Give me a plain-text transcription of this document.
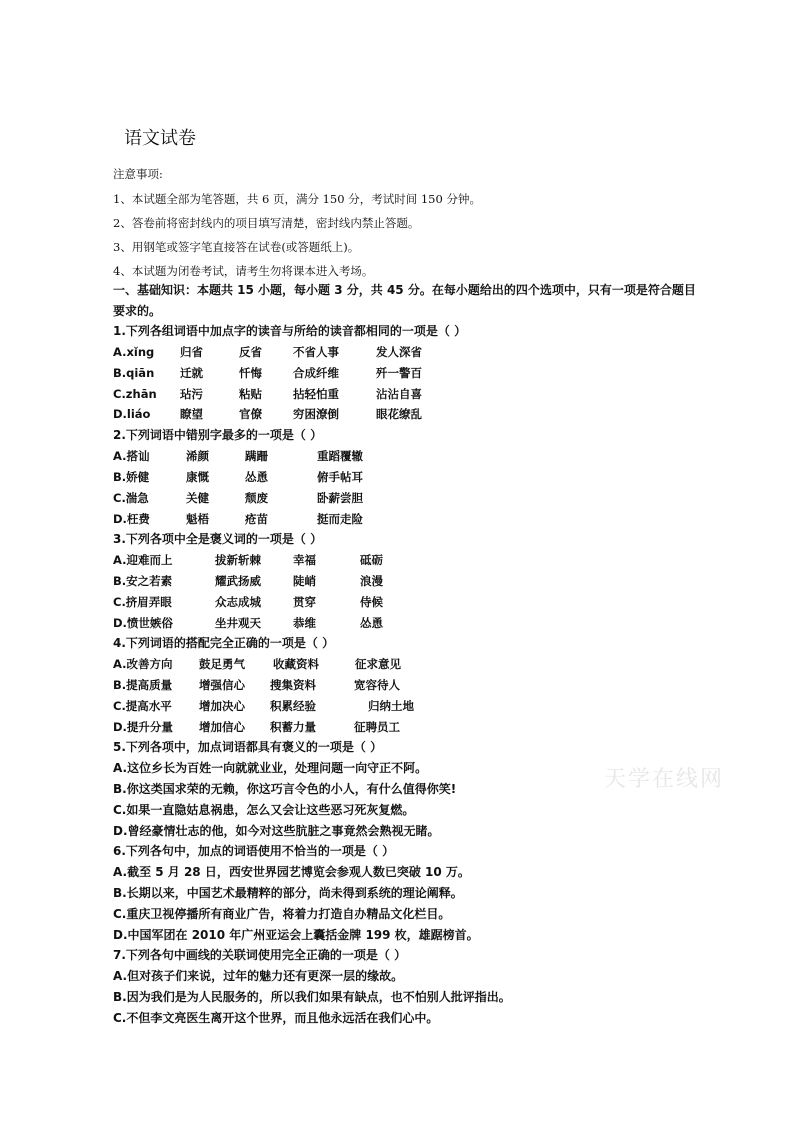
语文试卷
注意事项:
1、本试题全部为笔答题，共 6 页，满分 150 分，考试时间 150 分钟。
2、答卷前将密封线内的项目填写清楚，密封线内禁止答题。
3、用钢笔或签字笔直接答在试卷(或答题纸上)。
4、本试题为闭卷考试，请考生勿将课本进入考场。
一、基础知识：本题共 15 小题，每小题 3 分，共 45 分。在每小题给出的四个选项中，只有一项是符合题目
要求的。
1.下列各组词语中加点字的读音与所给的读音都相同的一项是（ ）
A.xǐng 归省	反省	不省人事	发人深省
B.qiān 迁就	忏悔	合成纤维	歼一警百
C.zhān 玷污	粘贴	拈轻怕重	沾沾自喜
D.liáo	瞭望	官僚	穷困潦倒	眼花缭乱
2.下列词语中错别字最多的一项是（ ）
A.搭讪	浠颜	蹒跚	重蹈覆辙
B.娇健	康慨	怂恿	俯手帖耳
C.湍急	关健	颓废	卧薪尝胆
D.枉费	魁梧	疮苗	挺而走险
3.下列各项中全是褒义词的一项是（ ）
A.迎难而上	拔新斩棘	幸福	砥砺
B.安之若素	耀武扬威	陡峭	浪漫
C.挤眉弄眼	众志成城	贯穿	侍候
D.愤世嫉俗	坐井观天	恭维	怂恿
4.下列词语的搭配完全正确的一项是（ ）
A.改善方向 鼓足勇气 收藏资料	征求意见
B.提高质量 增强信心 搜集资料	宽容待人
C.提高水平 增加决心 积累经验	归纳土地
D.提升分量 增加信心 积蓄力量	征聘员工
5.下列各项中，加点词语都具有褒义的一项是（ ）
A.这位乡长为百姓一向就就业业，处理问题一向守正不阿。
B.你这类国求荣的无赖，你这巧言令色的小人，有什么值得你笑!
C.如果一直隐姑息祸患，怎么又会让这些恶习死灰复燃。
D.曾经豪情壮志的他，如今对这些肮脏之事竟然会熟视无睹。
6.下列各句中，加点的词语使用不恰当的一项是（ ）
A.截至 5 月 28 日，西安世界园艺博览会参观人数已突破 10 万。
B.长期以来，中国艺术最精粹的部分，尚未得到系统的理论阐释。
C.重庆卫视停播所有商业广告，将着力打造自办精品文化栏目。
D.中国军团在 2010 年广州亚运会上囊括金牌 199 枚，雄踞榜首。
7.下列各句中画线的关联词使用完全正确的一项是（ ）
A.但对孩子们来说，过年的魅力还有更深一层的缘故。
B.因为我们是为人民服务的，所以我们如果有缺点，也不怕别人批评指出。
C.不但李文亮医生离开这个世界，而且他永远活在我们心中。
天学在线网
